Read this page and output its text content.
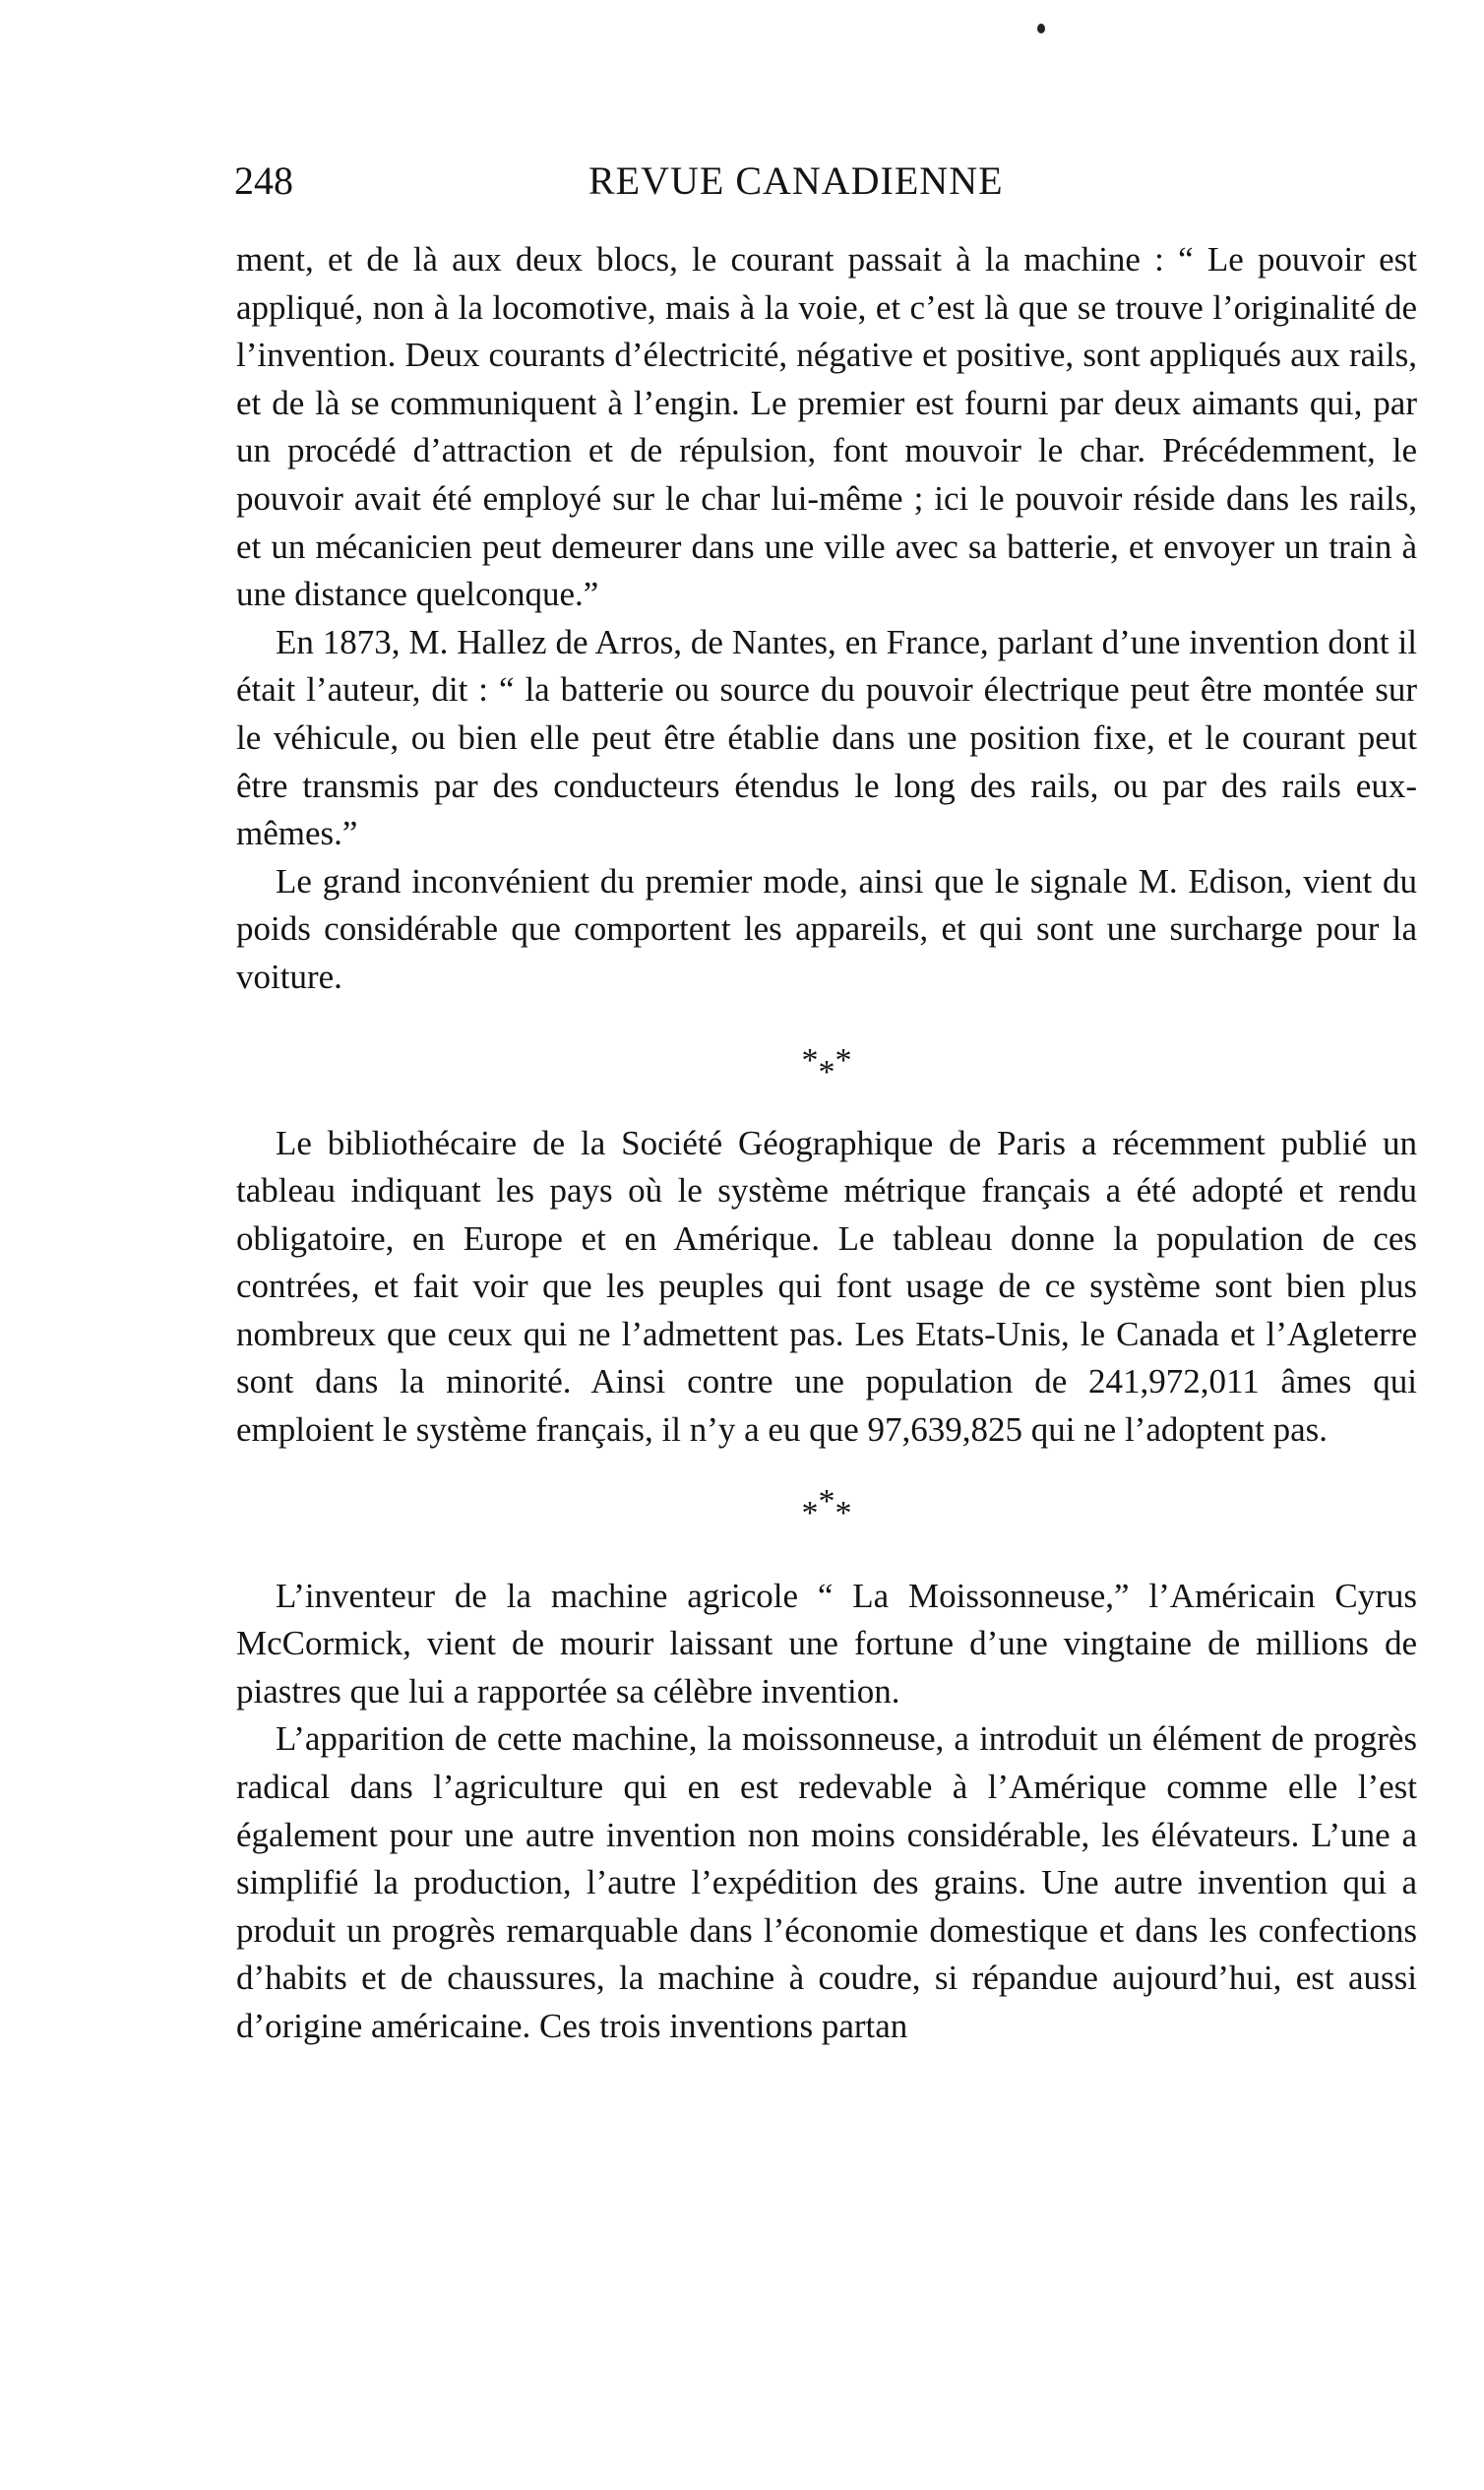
248	REVUE CANADIENNE

ment, et de là aux deux blocs, le courant passait à la machine : “ Le pouvoir est appliqué, non à la locomotive, mais à la voie, et c’est là que se trouve l’originalité de l’invention. Deux courants d’électricité, négative et positive, sont appliqués aux rails, et de là se communiquent à l’engin. Le premier est fourni par deux aimants qui, par un procédé d’attraction et de répulsion, font mouvoir le char. Précédemment, le pouvoir avait été employé sur le char lui-même ; ici le pouvoir réside dans les rails, et un mécanicien peut demeurer dans une ville avec sa batterie, et envoyer un train à une distance quelconque.”

En 1873, M. Hallez de Arros, de Nantes, en France, parlant d’une invention dont il était l’auteur, dit : “ la batterie ou source du pouvoir électrique peut être montée sur le véhicule, ou bien elle peut être établie dans une position fixe, et le courant peut être transmis par des conducteurs étendus le long des rails, ou par des rails eux-mêmes.”

Le grand inconvénient du premier mode, ainsi que le signale M. Edison, vient du poids considérable que comportent les appareils, et qui sont une surcharge pour la voiture.

***

Le bibliothécaire de la Société Géographique de Paris a récemment publié un tableau indiquant les pays où le système métrique français a été adopté et rendu obligatoire, en Europe et en Amérique. Le tableau donne la population de ces contrées, et fait voir que les peuples qui font usage de ce système sont bien plus nombreux que ceux qui ne l’admettent pas. Les Etats-Unis, le Canada et l’Agleterre sont dans la minorité. Ainsi contre une population de 241,972,011 âmes qui emploient le système français, il n’y a eu que 97,639,825 qui ne l’adoptent pas.

***

L’inventeur de la machine agricole “ La Moissonneuse,” l’Américain Cyrus McCormick, vient de mourir laissant une fortune d’une vingtaine de millions de piastres que lui a rapportée sa célèbre invention.

L’apparition de cette machine, la moissonneuse, a introduit un élément de progrès radical dans l’agriculture qui en est redevable à l’Amérique comme elle l’est également pour une autre invention non moins considérable, les élévateurs. L’une a simplifié la production, l’autre l’expédition des grains. Une autre invention qui a produit un progrès remarquable dans l’économie domestique et dans les confections d’habits et de chaussures, la machine à coudre, si répandue aujourd’hui, est aussi d’origine américaine. Ces trois inventions partan
